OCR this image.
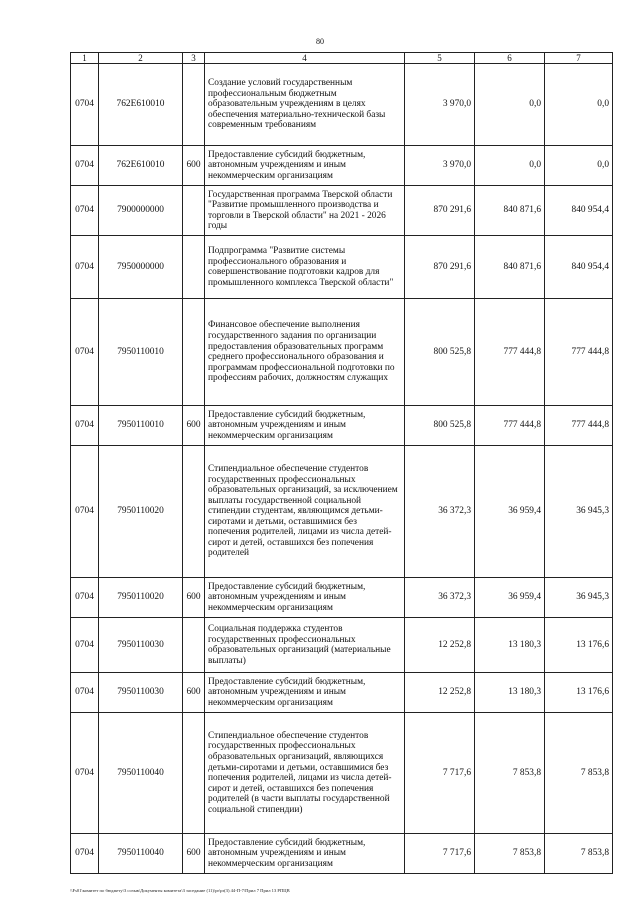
80
1	2	3	4	5	6	7
0704	762E610010		Создание условий государственным профессиональным бюджетным образовательным учреждениям в целях обеспечения материально-технической базы современным требованиям	3 970,0	0,0	0,0
0704	762E610010	600	Предоставление субсидий бюджетным, автономным учреждениям и иным некоммерческим организациям	3 970,0	0,0	0,0
0704	7900000000		Государственная программа Тверской области "Развитие промышленного производства и торговли в Тверской области" на 2021 - 2026 годы	870 291,6	840 871,6	840 954,4
0704	7950000000		Подпрограмма "Развитие системы профессионального образования и совершенствование подготовки кадров для промышленного комплекса Тверской области"	870 291,6	840 871,6	840 954,4
0704	7950110010		Финансовое обеспечение выполнения государственного задания по организации предоставления образовательных программ среднего профессионального образования и программам профессиональной подготовки по профессиям рабочих, должностям служащих	800 525,8	777 444,8	777 444,8
0704	7950110010	600	Предоставление субсидий бюджетным, автономным учреждениям и иным некоммерческим организациям	800 525,8	777 444,8	777 444,8
0704	7950110020		Стипендиальное обеспечение студентов государственных профессиональных образовательных организаций, за исключением выплаты государственной социальной стипендии студентам, являющимся детьми-сиротами и детьми, оставшимися без попечения родителей, лицами из числа детей-сирот и детей, оставшихся без попечения родителей	36 372,3	36 959,4	36 945,3
0704	7950110020	600	Предоставление субсидий бюджетным, автономным учреждениям и иным некоммерческим организациям	36 372,3	36 959,4	36 945,3
0704	7950110030		Социальная поддержка студентов государственных профессиональных образовательных организаций (материальные выплаты)	12 252,8	13 180,3	13 176,6
0704	7950110030	600	Предоставление субсидий бюджетным, автономным учреждениям и иным некоммерческим организациям	12 252,8	13 180,3	13 176,6
0704	7950110040		Стипендиальное обеспечение студентов государственных профессиональных образовательных организаций, являющихся детьми-сиротами и детьми, оставшимися без попечения родителей, лицами из числа детей-сирот и детей, оставшихся без попечения родителей (в части выплаты государственной социальной стипендии)	7 717,6	7 853,8	7 853,8
0704	7950110040	600	Предоставление субсидий бюджетным, автономным учреждениям и иным некоммерческим организациям	7 717,6	7 853,8	7 853,8
\\Fs01\комитет по бюджету\3 созыв\Документы комитета\3 заседание (11)\pr\pr(3) 44-П-7\Прил 7 Прил 13 РПЦВ
